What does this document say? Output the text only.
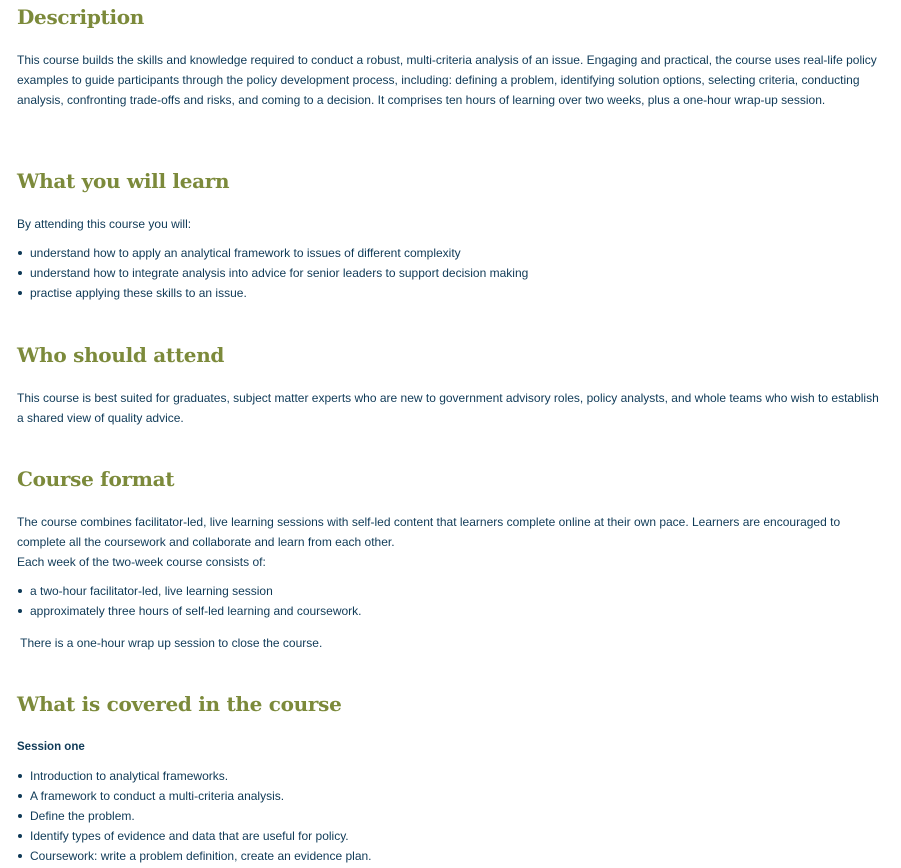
Description

This course builds the skills and knowledge required to conduct a robust, multi-criteria analysis of an issue. Engaging and practical, the course uses real-life policy examples to guide participants through the policy development process, including: defining a problem, identifying solution options, selecting criteria, conducting analysis, confronting trade-offs and risks, and coming to a decision. It comprises ten hours of learning over two weeks, plus a one-hour wrap-up session.

What you will learn

By attending this course you will:

understand how to apply an analytical framework to issues of different complexity
understand how to integrate analysis into advice for senior leaders to support decision making
practise applying these skills to an issue.
Who should attend

This course is best suited for graduates, subject matter experts who are new to government advisory roles, policy analysts, and whole teams who wish to establish a shared view of quality advice.

Course format

The course combines facilitator-led, live learning sessions with self-led content that learners complete online at their own pace. Learners are encouraged to complete all the coursework and collaborate and learn from each other.

Each week of the two-week course consists of:

a two-hour facilitator-led, live learning session
approximately three hours of self-led learning and coursework.

There is a one-hour wrap up session to close the course.

What is covered in the course

Session one

Introduction to analytical frameworks.
A framework to conduct a multi-criteria analysis.
Define the problem.
Identify types of evidence and data that are useful for policy.
Coursework: write a problem definition, create an evidence plan.
